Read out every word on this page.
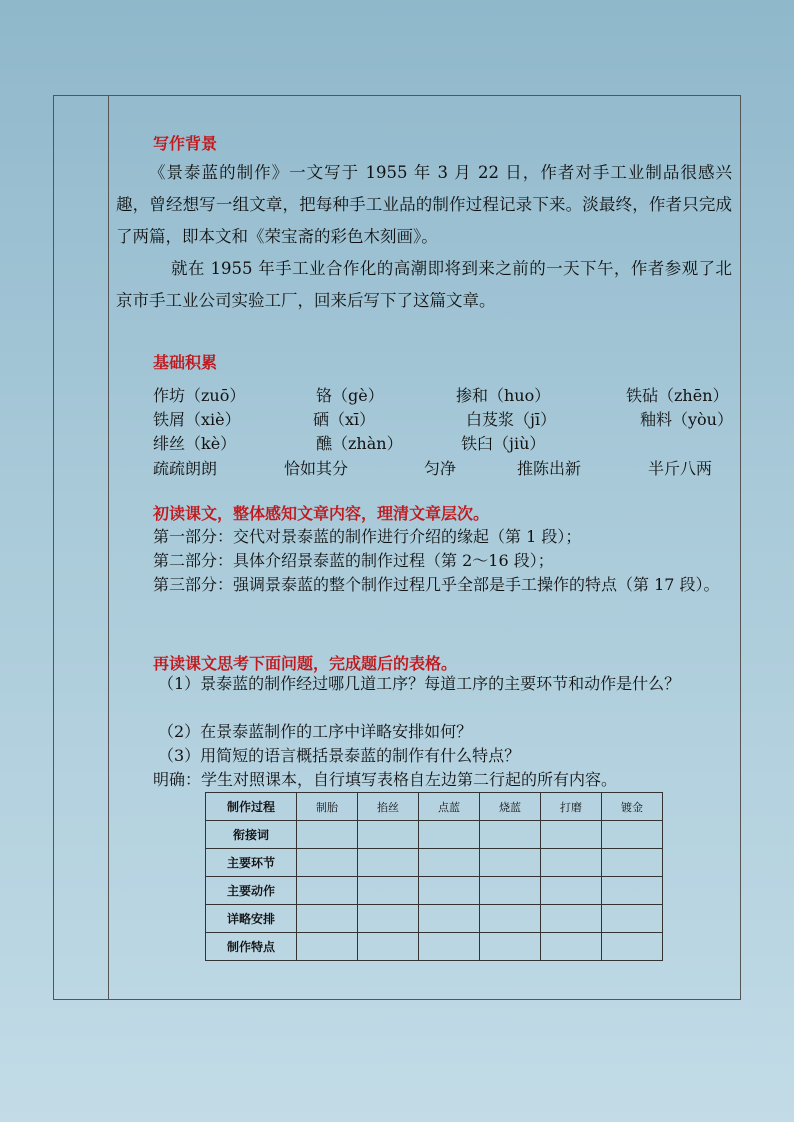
写作背景
《景泰蓝的制作》一文写于 1955 年 3 月 22 日，作者对手工业制品很感兴趣，曾经想写一组文章，把每种手工业品的制作过程记录下来。淡最终，作者只完成了两篇，即本文和《荣宝斋的彩色木刻画》。
就在 1955 年手工业合作化的高潮即将到来之前的一天下午，作者参观了北京市手工业公司实验工厂，回来后写下了这篇文章。
基础积累
作坊（zuō）	铬（gè）	掺和（huo）	铁砧（zhēn）
铁屑（xiè）	硒（xī）	白芨浆（jī）	釉料（yòu）
绯丝（kè）	醮（zhàn）	铁臼（jiù）
疏疏朗朗	恰如其分	匀净	推陈出新	半斤八两
初读课文，整体感知文章内容，理清文章层次。
第一部分：交代对景泰蓝的制作进行介绍的缘起（第 1 段）；
第二部分：具体介绍景泰蓝的制作过程（第 2～16 段）；
第三部分：强调景泰蓝的整个制作过程几乎全部是手工操作的特点（第 17 段）。
再读课文思考下面问题，完成题后的表格。
（1）景泰蓝的制作经过哪几道工序？每道工序的主要环节和动作是什么？
（2）在景泰蓝制作的工序中详略安排如何？
（3）用简短的语言概括景泰蓝的制作有什么特点？
明确：学生对照课本，自行填写表格自左边第二行起的所有内容。
制作过程	制胎	掐丝	点蓝	烧蓝	打磨	镀金
衔接词						
主要环节						
主要动作						
详略安排						
制作特点						
